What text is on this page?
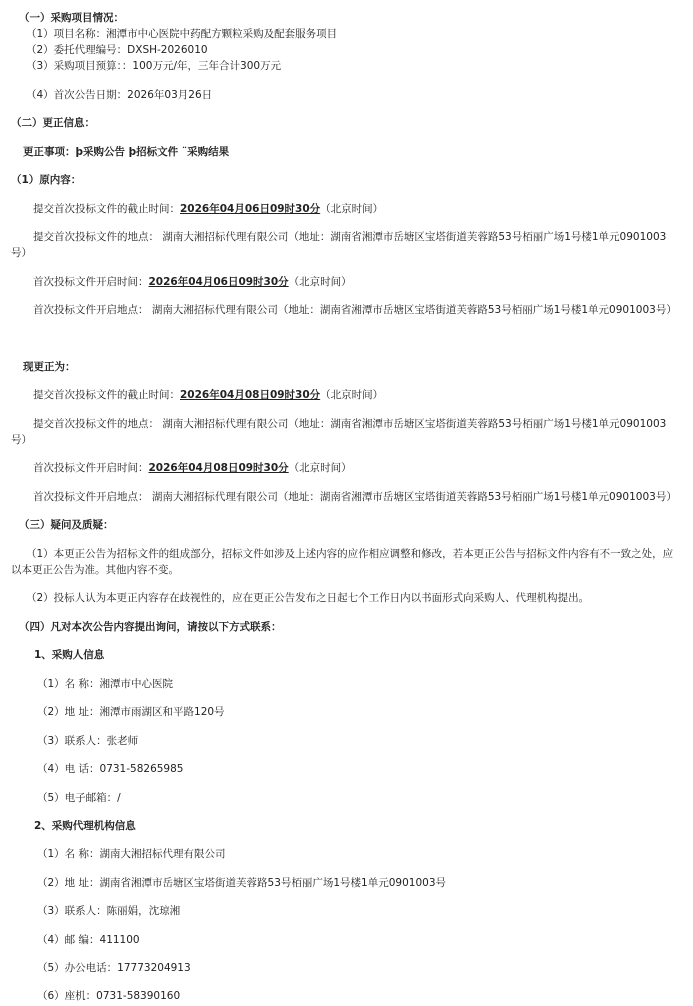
（一）采购项目情况：
（1）项目名称：湘潭市中心医院中药配方颗粒采购及配套服务项目
（2）委托代理编号：DXSH-2026010
（3）采购项目预算：：100万元/年，三年合计300万元
（4）首次公告日期：2026年03月26日
（二）更正信息：
更正事项：þ采购公告 þ招标文件 ¨采购结果
（1）原内容：
提交首次投标文件的截止时间：2026年04月06日09时30分（北京时间）
提交首次投标文件的地点： 湖南大湘招标代理有限公司（地址：湖南省湘潭市岳塘区宝塔街道芙蓉路53号栢丽广场1号楼1单元0901003
号）
首次投标文件开启时间：2026年04月06日09时30分（北京时间）
首次投标文件开启地点： 湖南大湘招标代理有限公司（地址：湖南省湘潭市岳塘区宝塔街道芙蓉路53号栢丽广场1号楼1单元0901003号）
现更正为：
提交首次投标文件的截止时间：2026年04月08日09时30分（北京时间）
提交首次投标文件的地点： 湖南大湘招标代理有限公司（地址：湖南省湘潭市岳塘区宝塔街道芙蓉路53号栢丽广场1号楼1单元0901003
号）
首次投标文件开启时间：2026年04月08日09时30分（北京时间）
首次投标文件开启地点： 湖南大湘招标代理有限公司（地址：湖南省湘潭市岳塘区宝塔街道芙蓉路53号栢丽广场1号楼1单元0901003号）
（三）疑问及质疑：
（1）本更正公告为招标文件的组成部分，招标文件如涉及上述内容的应作相应调整和修改，若本更正公告与招标文件内容有不一致之处，应
以本更正公告为准。其他内容不变。
（2）投标人认为本更正内容存在歧视性的，应在更正公告发布之日起七个工作日内以书面形式向采购人、代理机构提出。
（四）凡对本次公告内容提出询问，请按以下方式联系：
1、采购人信息
（1）名 称：湘潭市中心医院
（2）地 址：湘潭市雨湖区和平路120号
（3）联系人：张老师
（4）电 话：0731-58265985
（5）电子邮箱：/
2、采购代理机构信息
（1）名 称：湖南大湘招标代理有限公司
（2）地 址：湖南省湘潭市岳塘区宝塔街道芙蓉路53号栢丽广场1号楼1单元0901003号
（3）联系人：陈丽娟，沈琼湘
（4）邮 编：411100
（5）办公电话：17773204913
（6）座机：0731-58390160
